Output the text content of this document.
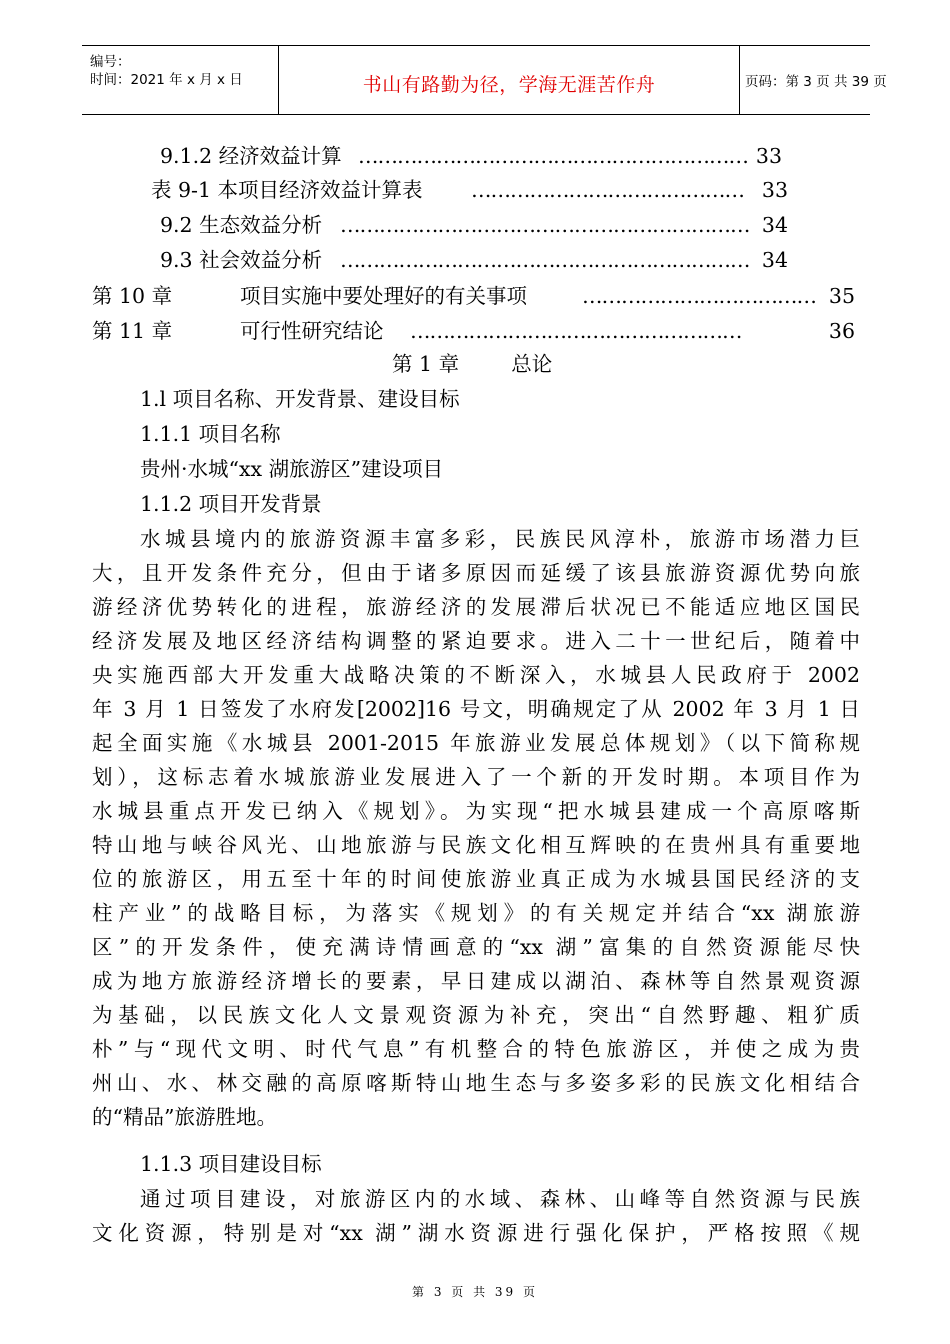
编号：
时间：2021 年 x 月 x 日	书山有路勤为径，学海无涯苦作舟	页码：第 3 页 共 39 页
9.1.2 经济效益计算 …………………………………………………… 33
表 9-1 本项目经济效益计算表 …………………………………… 33
9.2 生态效益分析 ……………………………………………………… 34
9.3 社会效益分析 ……………………………………………………… 34
第 10 章	项目实施中要处理好的有关事项	……………………………… 35
第 11 章	可行性研究结论 ……………………………………………	36
第 1 章        总论
1.l 项目名称、开发背景、建设目标
1.1.1 项目名称
贵州·水城“xx 湖旅游区”建设项目
1.1.2 项目开发背景
水城县境内的旅游资源丰富多彩，民族民风淳朴，旅游市场潜力巨
大，且开发条件充分，但由于诸多原因而延缓了该县旅游资源优势向旅
游经济优势转化的进程，旅游经济的发展滞后状况已不能适应地区国民
经济发展及地区经济结构调整的紧迫要求。进入二十一世纪后，随着中
央实施西部大开发重大战略决策的不断深入，水城县人民政府于 2002
年 3 月 1 日签发了水府发[2002]16 号文，明确规定了从 2002 年 3 月 1 日
起全面实施《水城县 2001-2015 年旅游业发展总体规划》（以下简称规
划），这标志着水城旅游业发展进入了一个新的开发时期。本项目作为
水城县重点开发已纳入《规划》。为实现“把水城县建成一个高原喀斯
特山地与峡谷风光、山地旅游与民族文化相互辉映的在贵州具有重要地
位的旅游区，用五至十年的时间使旅游业真正成为水城县国民经济的支
柱产业”的战略目标，为落实《规划》的有关规定并结合“xx 湖旅游
区”的开发条件，使充满诗情画意的“xx 湖”富集的自然资源能尽快
成为地方旅游经济增长的要素，早日建成以湖泊、森林等自然景观资源
为基础，以民族文化人文景观资源为补充，突出“自然野趣、粗犷质
朴”与“现代文明、时代气息”有机整合的特色旅游区，并使之成为贵
州山、水、林交融的高原喀斯特山地生态与多姿多彩的民族文化相结合
的“精品”旅游胜地。
1.1.3 项目建设目标
通过项目建设，对旅游区内的水域、森林、山峰等自然资源与民族
文化资源，特别是对“xx 湖”湖水资源进行强化保护，严格按照《规
第 3 页 共 39 页
